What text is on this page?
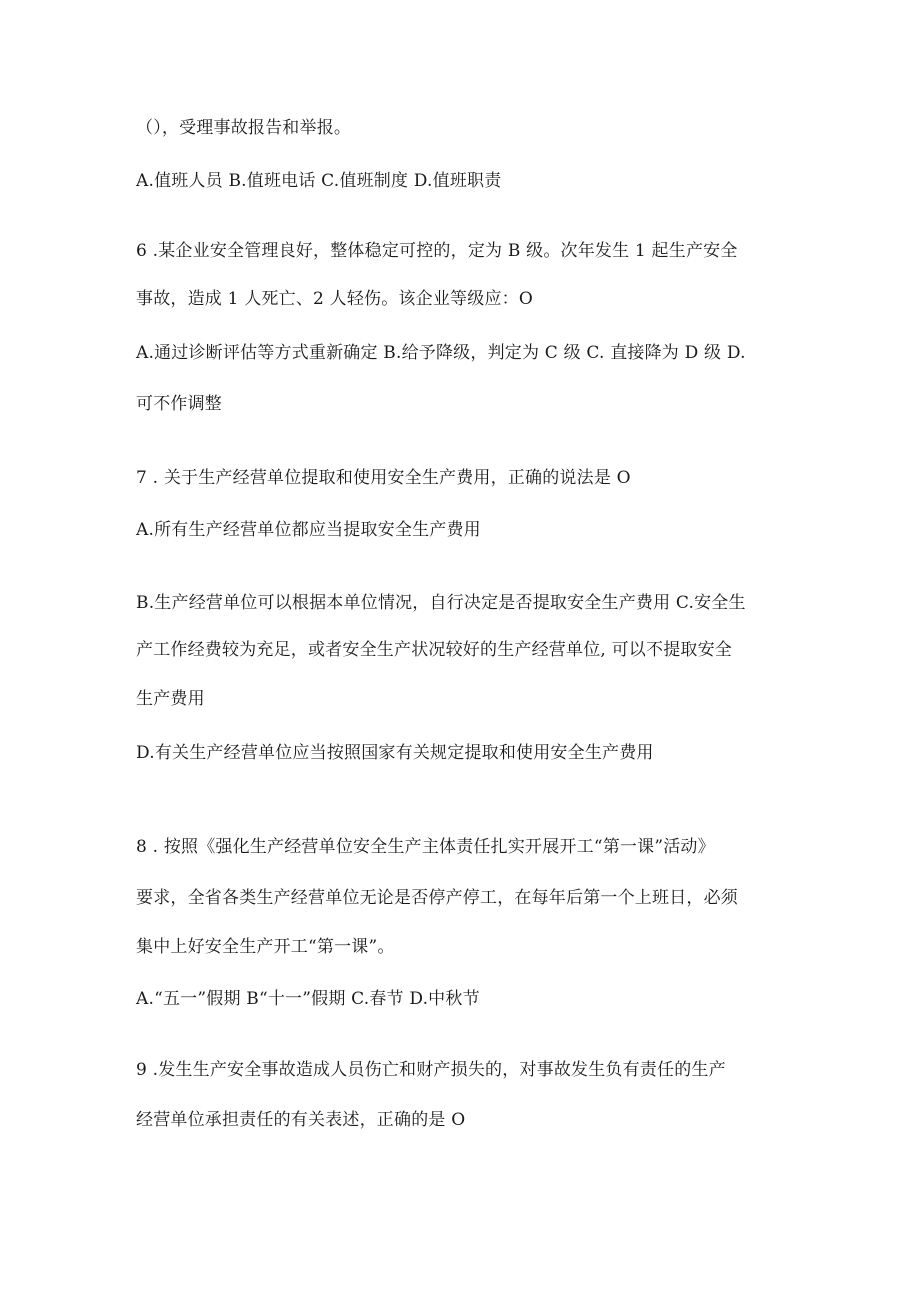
（），受理事故报告和举报。
A.值班人员 B.值班电话 C.值班制度 D.值班职责
6 .某企业安全管理良好，整体稳定可控的，定为 B 级。次年发生 1 起生产安全
事故，造成 1 人死亡、2 人轻伤。该企业等级应：O
A.通过诊断评估等方式重新确定 B.给予降级，判定为 C 级 C. 直接降为 D 级 D.
可不作调整
7 . 关于生产经营单位提取和使用安全生产费用，正确的说法是 O
A.所有生产经营单位都应当提取安全生产费用
B.生产经营单位可以根据本单位情况，自行决定是否提取安全生产费用 C.安全生
产工作经费较为充足，或者安全生产状况较好的生产经营单位, 可以不提取安全
生产费用
D.有关生产经营单位应当按照国家有关规定提取和使用安全生产费用
8 . 按照《强化生产经营单位安全生产主体责任扎实开展开工“第一课”活动》
要求，全省各类生产经营单位无论是否停产停工，在每年后第一个上班日，必须
集中上好安全生产开工“第一课”。
A.“五一”假期 B“十一”假期 C.春节 D.中秋节
9 .发生生产安全事故造成人员伤亡和财产损失的，对事故发生负有责任的生产
经营单位承担责任的有关表述，正确的是 O
